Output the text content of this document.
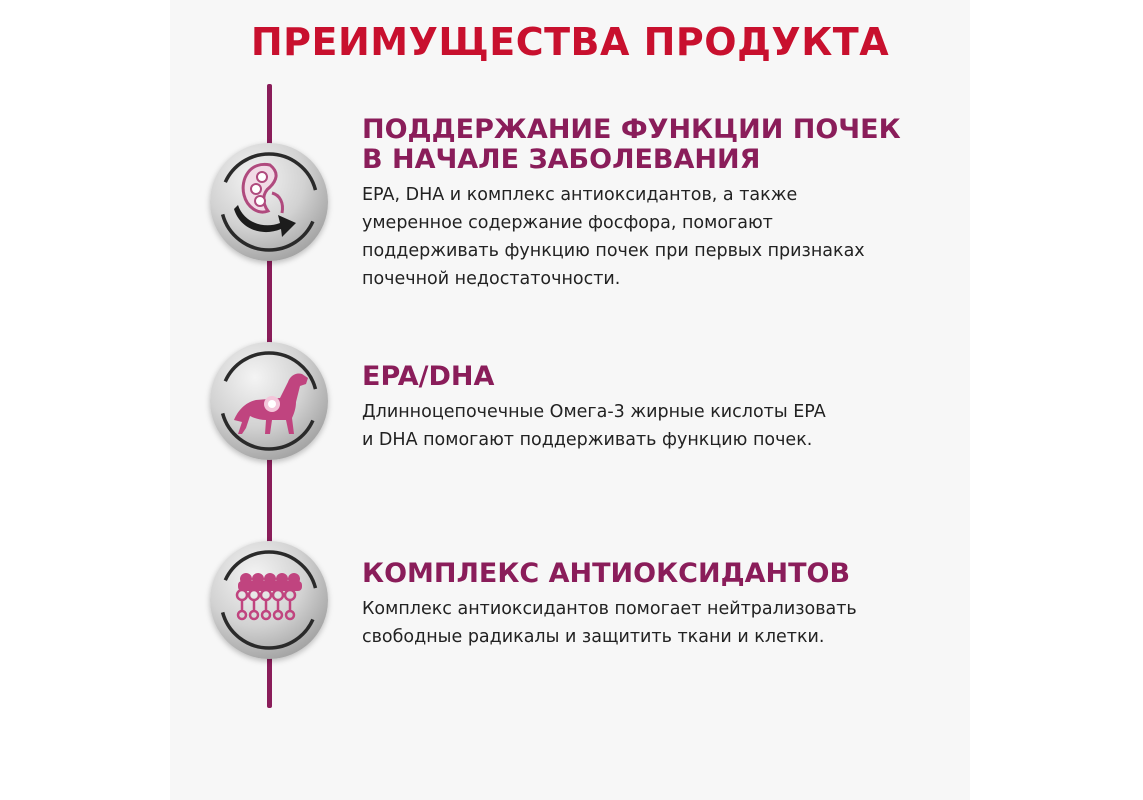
ПРЕИМУЩЕСТВА ПРОДУКТА
ПОДДЕРЖАНИЕ ФУНКЦИИ ПОЧЕК
В НАЧАЛЕ ЗАБОЛЕВАНИЯ

EPA, DHA и комплекс антиоксидантов, а также
умеренное содержание фосфора, помогают
поддерживать функцию почек при первых признаках
почечной недостаточности.

EPA/DHA

Длинноцепочечные Омега-3 жирные кислоты EPA
и DHA помогают поддерживать функцию почек.

КОМПЛЕКС АНТИОКСИДАНТОВ

Комплекс антиоксидантов помогает нейтрализовать
свободные радикалы и защитить ткани и клетки.
